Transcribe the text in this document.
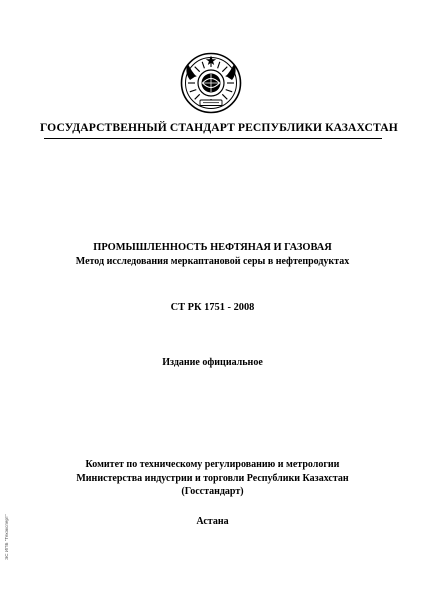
ГОСУДАРСТВЕННЫЙ СТАНДАРТ РЕСПУБЛИКИ КАЗАХСТАН
ПРОМЫШЛЕННОСТЬ НЕФТЯНАЯ И ГАЗОВАЯ

Метод исследования меркаптановой серы в нефтепродуктах

СТ РК 1751 - 2008

Издание официальное

Комитет по техническому регулированию и метрологии
Министерства индустрии и торговли Республики Казахстан
(Госстандарт)

Астана

ЭС ИПБ "Техэксперт"
